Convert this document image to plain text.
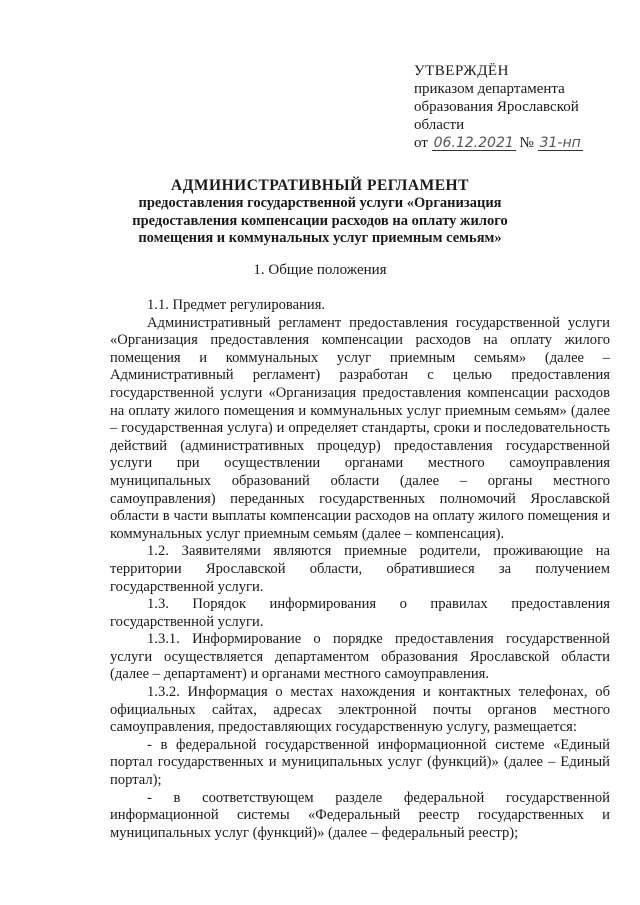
УТВЕРЖДЁН
приказом департамента
образования Ярославской
области
от 06.12.2021 № 31-нп
АДМИНИСТРАТИВНЫЙ РЕГЛАМЕНТ
предоставления государственной услуги «Организация предоставления компенсации расходов на оплату жилого помещения и коммунальных услуг приемным семьям»
1. Общие положения

1.1. Предмет регулирования.

Административный регламент предоставления государственной услуги «Организация предоставления компенсации расходов на оплату жилого помещения и коммунальных услуг приемным семьям» (далее – Административный регламент) разработан с целью предоставления государственной услуги «Организация предоставления компенсации расходов на оплату жилого помещения и коммунальных услуг приемным семьям» (далее – государственная услуга) и определяет стандарты, сроки и последовательность действий (административных процедур) предоставления государственной услуги при осуществлении органами местного самоуправления муниципальных образований области (далее – органы местного самоуправления) переданных государственных полномочий Ярославской области в части выплаты компенсации расходов на оплату жилого помещения и коммунальных услуг приемным семьям (далее – компенсация).

1.2. Заявителями являются приемные родители, проживающие на территории Ярославской области, обратившиеся за получением государственной услуги.

1.3. Порядок информирования о правилах предоставления государственной услуги.

1.3.1. Информирование о порядке предоставления государственной услуги осуществляется департаментом образования Ярославской области (далее – департамент) и органами местного самоуправления.

1.3.2. Информация о местах нахождения и контактных телефонах, об официальных сайтах, адресах электронной почты органов местного самоуправления, предоставляющих государственную услугу, размещается:

- в федеральной государственной информационной системе «Единый портал государственных и муниципальных услуг (функций)» (далее – Единый портал);

- в соответствующем разделе федеральной государственной информационной системы «Федеральный реестр государственных и муниципальных услуг (функций)» (далее – федеральный реестр);
